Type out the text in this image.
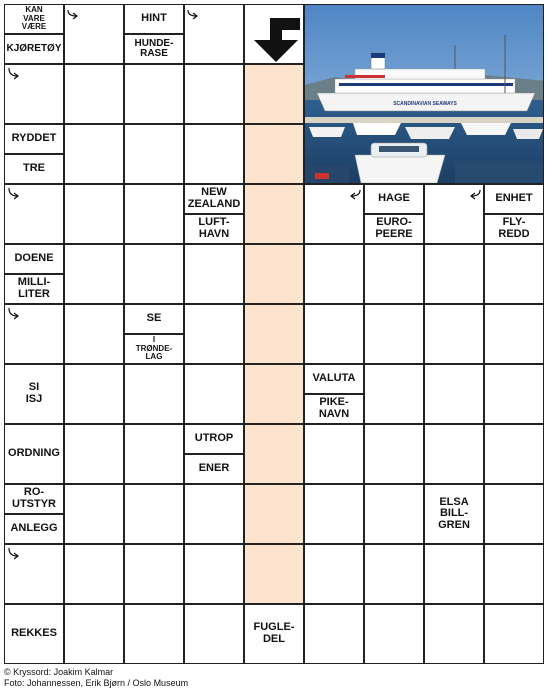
KAN
VARE
VÆRE
KJØRETØY
HINT
HUNDE-
RASE
RYDDET
TRE
NEW
ZEALAND
LUFT-
HAVN
HAGE
EURO-
PEERE
ENHET
FLY-
REDD
DOENE
MILLI-
LITER
SE
I
TRØNDE-
LAG
SI
ISJ
VALUTA
PIKE-
NAVN
ORDNING
UTROP
ENER
RO-
UTSTYR
ANLEGG
ELSA
BILL-
GREN
REKKES	FUGLE-
DEL
SCANDINAVIAN SEAWAYS
© Kryssord: Joakim Kalmar
Foto: Johannessen, Erik Bjørn / Oslo Museum
